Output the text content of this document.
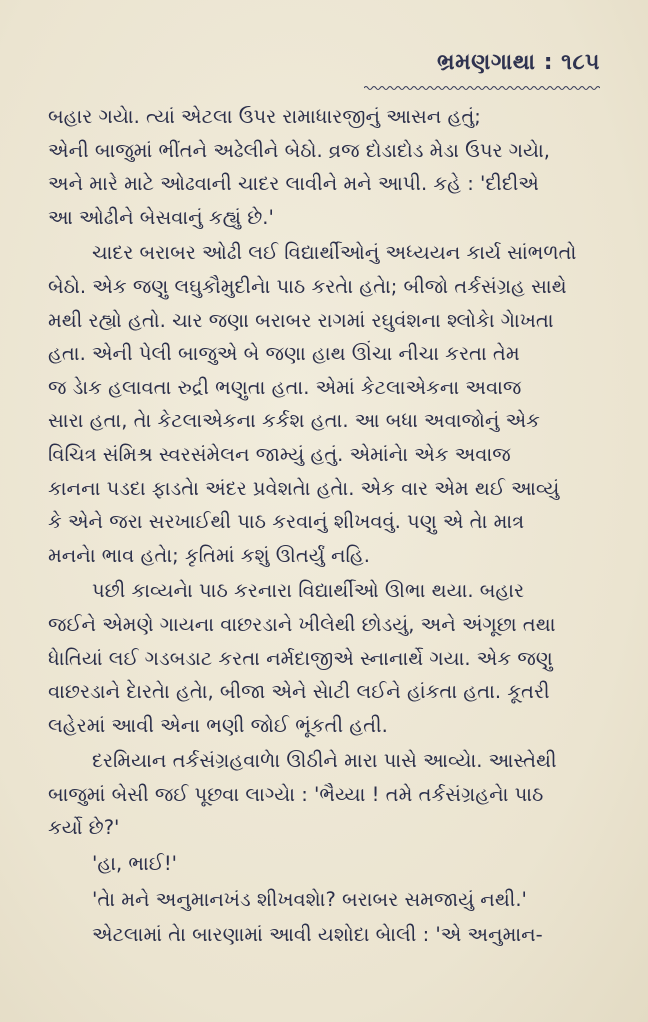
ભ્રમણગાથા : ૧૮૫
બહાર ગયેા. ત્યાં એટલા ઉપર રામાધારજીનું આસન હતું;
એની બાજુમાં ભીંતને અઢેલીને બેઠો. વ્રજ દોડાદોડ મેડા ઉપર ગયેા,
અને મારે માટે ઓઢવાની ચાદર લાવીને મને આપી. કહે : 'દીદીએ
આ ઓઢીને બેસવાનું કહ્યું છે.'
ચાદર બરાબર ઓઢી લઈ વિદ્યાર્થીઓનું અધ્યયન કાર્ય સાંભળતો
બેઠો. એક જણુ લઘુકૌમુદીનેા પાઠ કરતેા હતેા; બીજો તર્કસંગ્રહ સાથે
મથી રહ્યો હતો. ચાર જણા બરાબર રાગમાં રઘુવંશના શ્લોકેા ગેાખતા
હતા. એની પેલી બાજુએ બે જણા હાથ ઊંચા નીચા કરતા તેમ
જ ડેાક હલાવતા રુદ્રી ભણુતા હતા. એમાં કેટલાએકના અવાજ
સારા હતા, તેા કેટલાએકના કર્કશ હતા. આ બધા અવાજોનું એક
વિચિત્ર સંમિશ્ર સ્વરસંમેલન જામ્યું હતું. એમાંનેા એક અવાજ
કાનના પડદા ફાડતેા અંદર પ્રવેશતેા હતેા. એક વાર એમ થઈ આવ્યું
કે એને જરા સરખાઈથી પાઠ કરવાનું શીખવવું. પણુ એ તેા માત્ર
મનનેા ભાવ હતેા; કૃતિમાં કશું ઊતર્યું નહિ.
પછી કાવ્યનેા પાઠ કરનારા વિદ્યાર્થીઓ ઊભા થયા. બહાર
જઈને એમણે ગાયના વાછરડાને ખીલેથી છોડયું, અને અંગૂછા તથા
ધેાતિયાં લઈ ગડબડાટ કરતા નર્મદાજીએ સ્નાનાર્થે ગયા. એક જણુ
વાછરડાને દેારતેા હતેા, બીજા એને સેાટી લઈને હાંકતા હતા. કૂતરી
લહેરમાં આવી એના ભણી જોઈ ભૂંકતી હતી.
દરમિયાન તર્કસંગ્રહવાળેા ઊઠીને મારા પાસે આવ્યેા. આસ્તેથી
બાજુમાં બેસી જઈ પૂછવા લાગ્યેા : 'ભૈય્યા ! તમે તર્કસંગ્રહનેા પાઠ
કર્યો છે?'
'હા, ભાઈ!'
'તેા મને અનુમાનખંડ શીખવશેા? બરાબર સમજાયું નથી.'
એટલામાં તેા બારણામાં આવી યશોદા બેાલી : 'એ અનુમાન-
